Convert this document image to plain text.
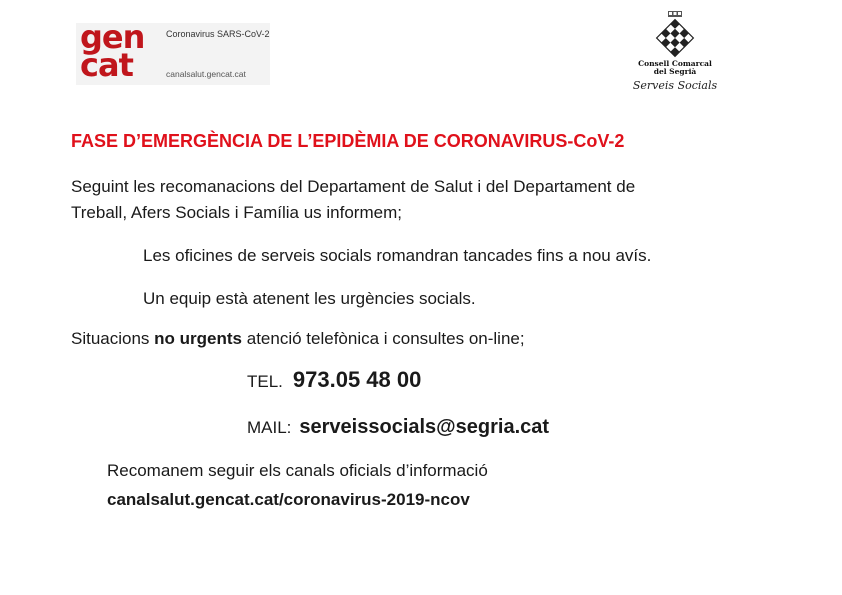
gen
cat
Coronavirus SARS-CoV-2
canalsalut.gencat.cat
Consell Comarcal
del Segrià
Serveis Socials
FASE D’EMERGÈNCIA DE L’EPIDÈMIA DE CORONAVIRUS-CoV-2
Seguint les recomanacions del Departament de Salut i del Departament de
Treball, Afers Socials i Família us informem;
Les oficines de serveis socials romandran tancades fins a nou avís.
Un equip està atenent les urgències socials.
Situacions no urgents atenció telefònica i consultes on-line;
TEL. 973.05 48 00
MAIL: serveissocials@segria.cat
Recomanem seguir els canals oficials d’informació
canalsalut.gencat.cat/coronavirus-2019-ncov
